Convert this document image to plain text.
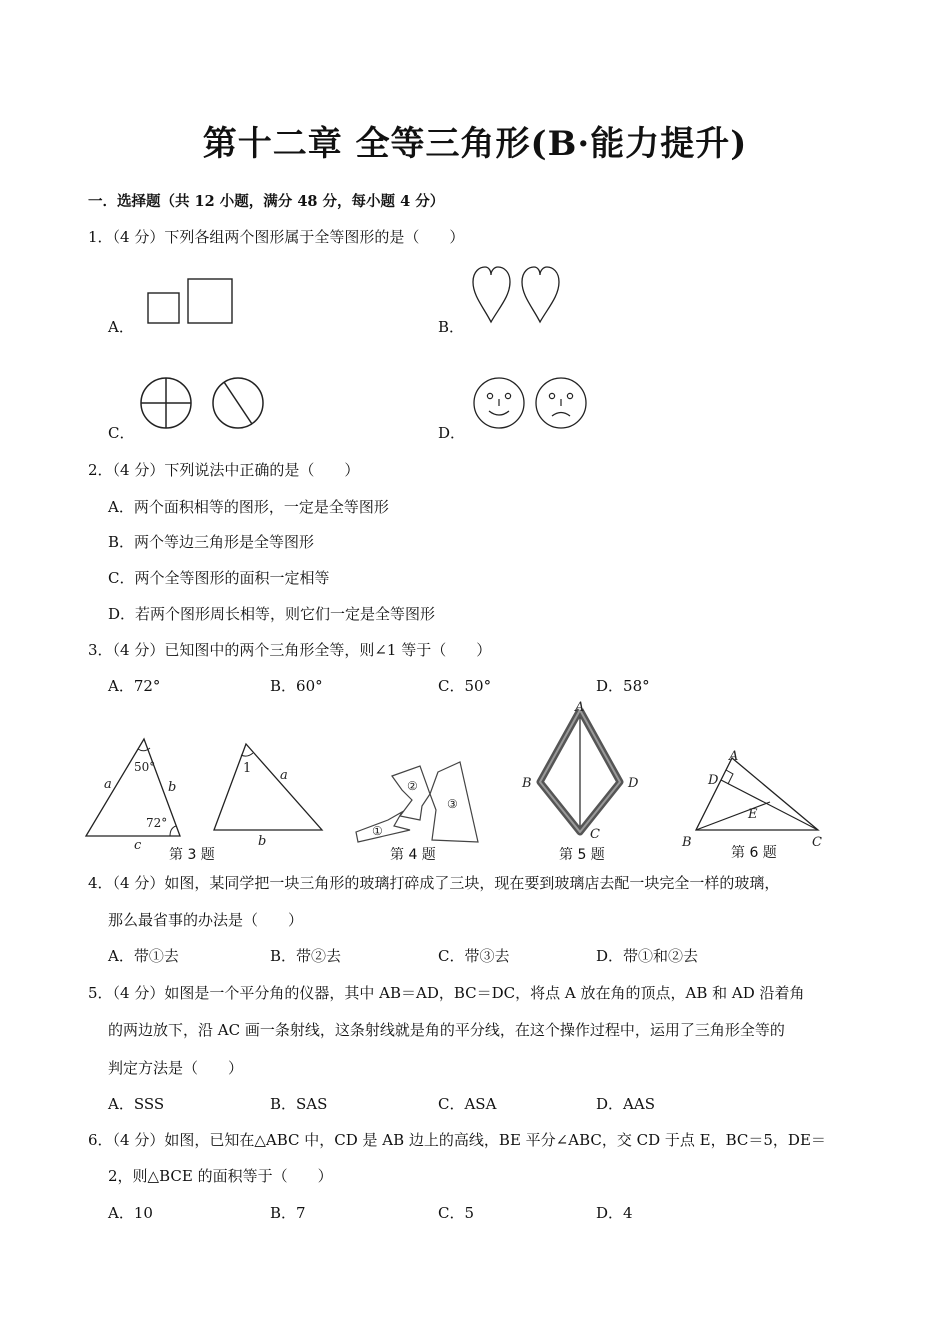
第十二章 全等三角形(B·能力提升)
一．选择题（共 12 小题，满分 48 分，每小题 4 分）
1．（4 分）下列各组两个图形属于全等图形的是（　　）
A．	B．
C．	D．
2．（4 分）下列说法中正确的是（　　）
A．两个面积相等的图形，一定是全等图形
B．两个等边三角形是全等图形
C．两个全等图形的面积一定相等
D．若两个图形周长相等，则它们一定是全等图形
3．（4 分）已知图中的两个三角形全等，则∠1 等于（　　）
A．72°	B．60°	C．50°	D．58°
50°
72°
a	b
c
1 a
b
①
②
③
A
B
C
D
A
B	C
D
E
第 3 题	第 4 题	第 5 题	第 6 题
4．（4 分）如图，某同学把一块三角形的玻璃打碎成了三块，现在要到玻璃店去配一块完全一样的玻璃，
那么最省事的办法是（　　）
A．带①去	B．带②去	C．带③去	D．带①和②去
5．（4 分）如图是一个平分角的仪器，其中 AB＝AD，BC＝DC，将点 A 放在角的顶点，AB 和 AD 沿着角
的两边放下，沿 AC 画一条射线，这条射线就是角的平分线，在这个操作过程中，运用了三角形全等的
判定方法是（　　）
A．SSS	B．SAS	C．ASA	D．AAS
6．（4 分）如图，已知在△ABC 中，CD 是 AB 边上的高线，BE 平分∠ABC，交 CD 于点 E，BC＝5，DE＝
2，则△BCE 的面积等于（　　）
A．10	B．7	C．5	D．4
